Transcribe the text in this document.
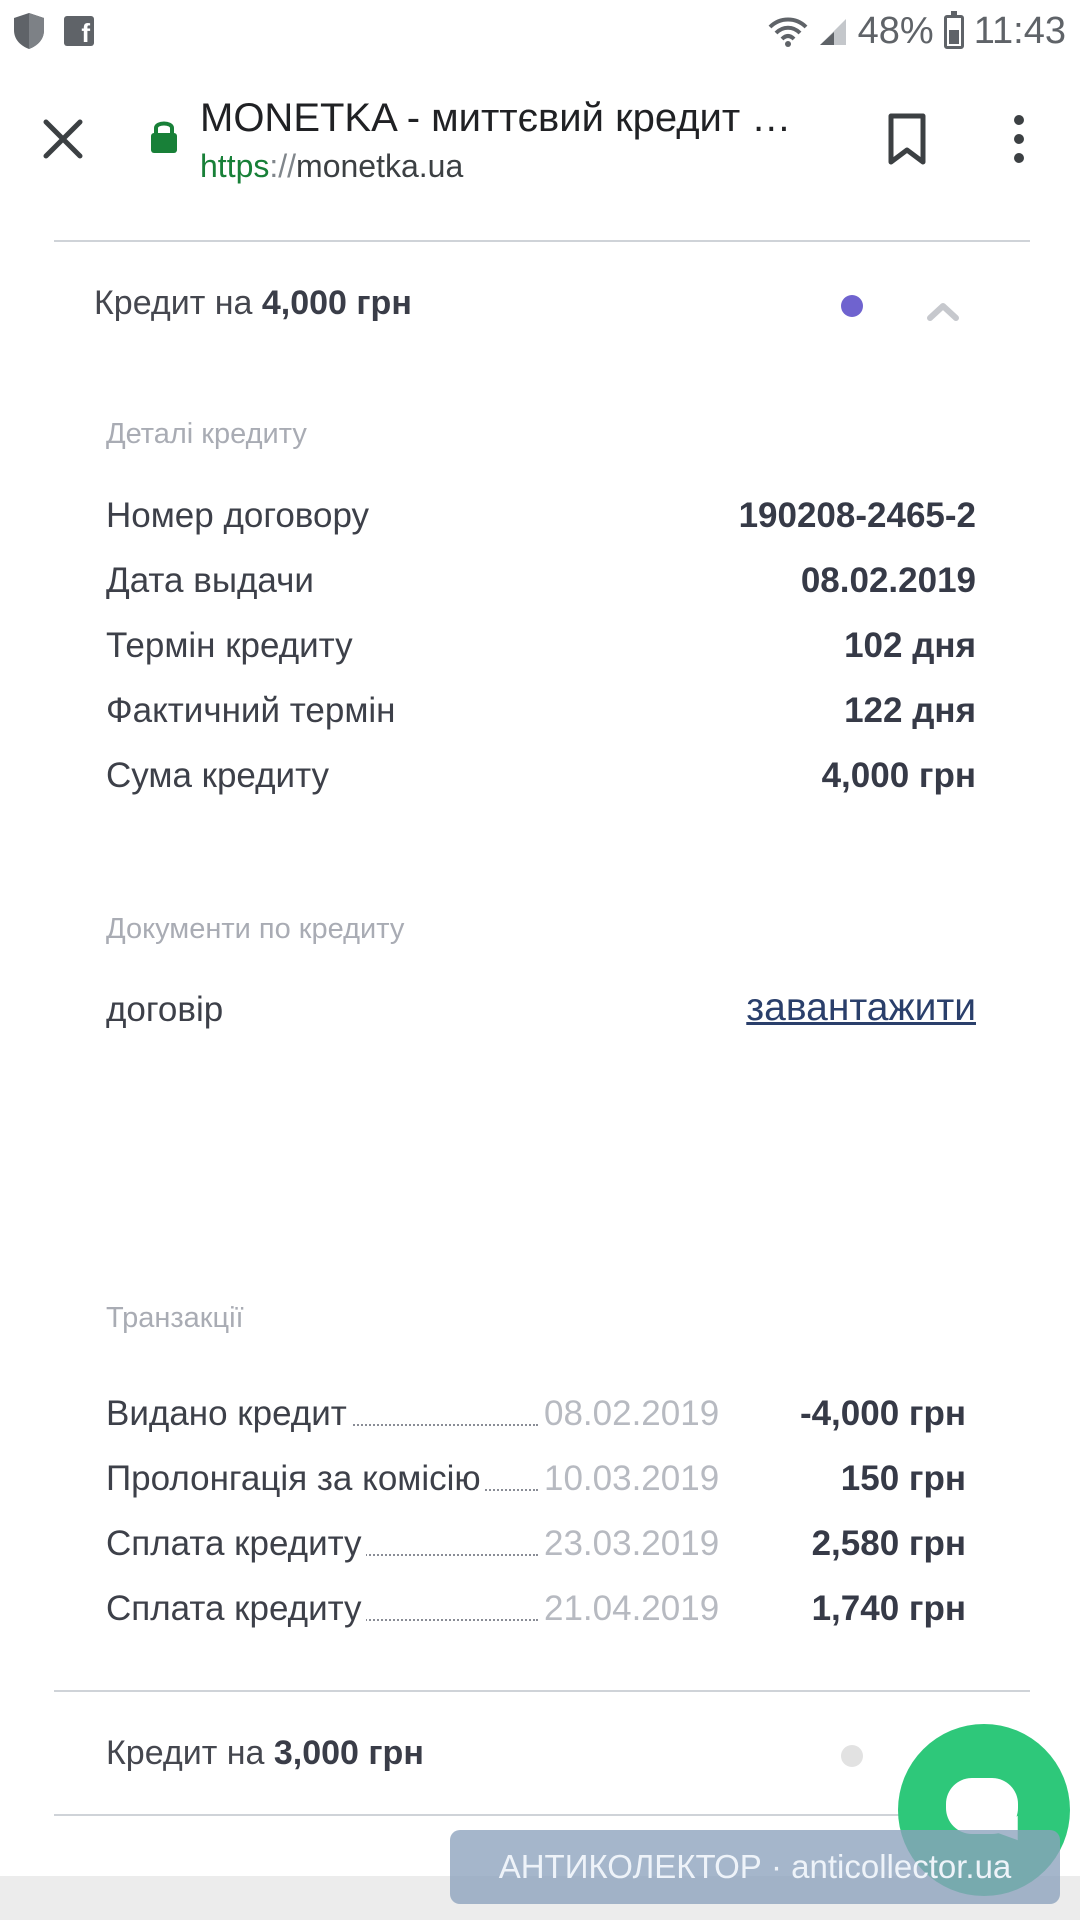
f	48% 11:43
MONETKA - миттєвий кредит …
https://monetka.ua
Кредит на 4,000 грн
Деталі кредиту
Номер договору	190208-2465-2
Дата выдачи	08.02.2019
Термін кредиту	102 дня
Фактичний термін	122 дня
Сума кредиту	4,000 грн
Документи по кредиту
договір	завантажити
Транзакції
Видано кредит	08.02.2019 -4,000 грн
Пролонгація за комісію 10.03.2019	150 грн
Сплата кредиту	23.03.2019	2,580 грн
Сплата кредиту	21.04.2019	1,740 грн
Кредит на 3,000 грн
АНТИКОЛЕКТОР · anticollector.ua
